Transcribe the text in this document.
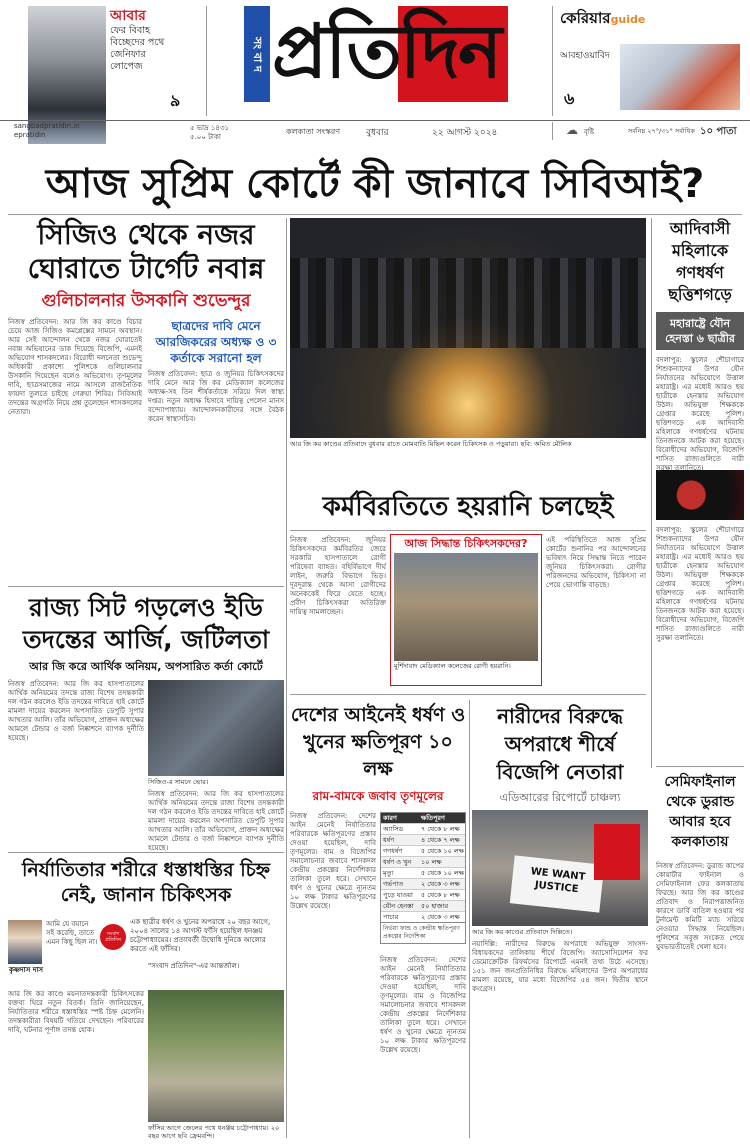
আবার
ফের বিবাহ
বিচ্ছেদের পথে
জেনিফার
লোপেজ
৯
সং বা দ প্রতিদিন	কেরিয়ারguide
আবহাওয়াবিদ
৬
sangbadpratidin.in
epratidin
৫ ভাদ্র ১৪৩১
৫.০০ টাকা
কলকাতা সংস্করণ	বুধবার	২২ আগস্ট ২০২৪	☁ বৃষ্টি	সর্বনিম্ন ২৭°/৩১° সর্বাধিক ১০ পাতা
আজ সুপ্রিম কোর্টে কী জানাবে সিবিআই?
সিজিও থেকে নজর ঘোরাতে টার্গেট নবান্ন
গুলিচালনার উসকানি শুভেন্দুর
নিজস্ব প্রতিবেদন: আর জি কর কাণ্ডে বিচার চেয়ে আজ সিজিও কমপ্লেক্সের সামনে অবস্থান। আর সেই আন্দোলন থেকে নজর ঘোরাতেই নবান্ন অভিযানের ডাক দিয়েছে বিজেপি, এমনই অভিযোগ শাসকদলের। বিরোধী দলনেতা শুভেন্দু অধিকারী প্রকাশ্যে পুলিশকে গুলিচালনার উসকানি দিয়েছেন বলেও অভিযোগ। তৃণমূলের দাবি, ছাত্রসমাজের নামে আসলে রাজনৈতিক ফায়দা তুলতে চাইছে গেরুয়া শিবির। সিবিআই তদন্তের অগ্রগতি নিয়ে প্রশ্ন তুলেছেন শাসকদলের নেতারা।
ছাত্রদের দাবি মেনে আরজিকরের অধ্যক্ষ ও ৩ কর্তাকে সরানো হল
নিজস্ব প্রতিবেদন: ছাত্র ও জুনিয়র চিকিৎসকদের দাবি মেনে আর জি কর মেডিক্যাল কলেজের অধ্যক্ষ-সহ তিন শীর্ষকর্তাকে সরিয়ে দিল স্বাস্থ্য দপ্তর। নতুন অধ্যক্ষ হিসাবে দায়িত্ব পেলেন মানস বন্দ্যোপাধ্যায়। আন্দোলনকারীদের সঙ্গে বৈঠক করেন স্বাস্থ্যসচিব।
আর জি কর কাণ্ডের প্রতিবাদে বুধবার রাতে মোমবাতি মিছিল করেন চিকিৎসক ও পড়ুয়ারা। ছবি: অমিত মৌলিক
আদিবাসী মহিলাকে গণধর্ষণ ছত্তিশগড়ে
মহারাষ্ট্রে যৌন হেনস্তা ৬ ছাত্রীর
বদলাপুর: স্কুলের শৌচাগারে শিশুকন্যাদের উপর যৌন নির্যাতনের অভিযোগে উত্তাল মহারাষ্ট্র। এর মধ্যেই আরও ছয় ছাত্রীকে হেনস্তার অভিযোগ উঠল। অভিযুক্ত শিক্ষককে গ্রেপ্তার করেছে পুলিশ। ছত্তিশগড়ে এক আদিবাসী মহিলাকে গণধর্ষণের ঘটনায় তিনজনকে আটক করা হয়েছে। বিরোধীদের অভিযোগ, বিজেপি শাসিত রাজ্যগুলিতে নারী সুরক্ষা তলানিতে।
বদলাপুর: স্কুলের শৌচাগারে শিশুকন্যাদের উপর যৌন নির্যাতনের অভিযোগে উত্তাল মহারাষ্ট্র। এর মধ্যেই আরও ছয় ছাত্রীকে হেনস্তার অভিযোগ উঠল। অভিযুক্ত শিক্ষককে গ্রেপ্তার করেছে পুলিশ। ছত্তিশগড়ে এক আদিবাসী মহিলাকে গণধর্ষণের ঘটনায় তিনজনকে আটক করা হয়েছে। বিরোধীদের অভিযোগ, বিজেপি শাসিত রাজ্যগুলিতে নারী সুরক্ষা তলানিতে।
কর্মবিরতিতে হয়রানি চলছেই
নিজস্ব প্রতিবেদন: জুনিয়র চিকিৎসকদের কর্মবিরতির জেরে সরকারি হাসপাতালে রোগী পরিষেবা ব্যাহত। বহির্বিভাগে দীর্ঘ লাইন, জরুরি বিভাগে ভিড়। দূরদূরান্ত থেকে আসা রোগীদের অনেককেই ফিরে যেতে হচ্ছে। প্রবীণ চিকিৎসকরা অতিরিক্ত দায়িত্ব সামলাচ্ছেন।
আজ সিদ্ধান্ত চিকিৎসকদের?
মুর্শিদাবাদ মেডিক্যাল কলেজের রোগী হয়রানি।
এই পরিস্থিতিতে আজ সুপ্রিম কোর্টের শুনানির পর আন্দোলনের ভবিষ্যৎ নিয়ে সিদ্ধান্ত নিতে পারেন জুনিয়র চিকিৎসকরা। রোগীর পরিজনদের অভিযোগ, চিকিৎসা না পেয়ে ভোগান্তি বাড়ছে।
রাজ্য সিট গড়লেও ইডি তদন্তের আর্জি, জটিলতা
আর জি করে আর্থিক অনিয়ম, অপসারিত কর্তা কোর্টে
নিজস্ব প্রতিবেদন: আর জি কর হাসপাতালের আর্থিক অনিয়মের তদন্তে রাজ্য বিশেষ তদন্তকারী দল গঠন করলেও ইডি তদন্তের দাবিতে হাই কোর্টে মামলা দায়ের করলেন অপসারিত ডেপুটি সুপার আখতার আলি। তাঁর অভিযোগ, প্রাক্তন অধ্যক্ষের আমলে টেন্ডার ও বর্জ্য নিষ্কাশনে ব্যাপক দুর্নীতি হয়েছে।
সিজিও-র সামনে ভোর।
নিজস্ব প্রতিবেদন: আর জি কর হাসপাতালের আর্থিক অনিয়মের তদন্তে রাজ্য বিশেষ তদন্তকারী দল গঠন করলেও ইডি তদন্তের দাবিতে হাই কোর্টে মামলা দায়ের করলেন অপসারিত ডেপুটি সুপার আখতার আলি। তাঁর অভিযোগ, প্রাক্তন অধ্যক্ষের আমলে টেন্ডার ও বর্জ্য নিষ্কাশনে ব্যাপক দুর্নীতি হয়েছে।
নির্যাতিতার শরীরে ধস্তাধস্তির চিহ্ন নেই, জানান চিকিৎসক
কৃষ্ণদাস দাস
আমি যে বয়ানে সই করেছি, তাতে এমন কিছু ছিল না।
সংবাদ প্রতিদিন
এক ছাত্রীর ধর্ষণ ও খুনের অপরাধে ২০ বছর আগে, ২০০৪ সালের ১৪ আগস্ট ফাঁসি হয়েছিল ধনঞ্জয় চট্টোপাধ্যায়ের। প্রত্যাবর্তী উদ্বোধি দুনিকে আলোর করতে এই ফাঁসির।
"সংবাদ প্রতিদিন"-এর আন্তর্জাল।
আর জি কর কাণ্ডে ময়নাতদন্তকারী চিকিৎসকের বক্তব্য ঘিরে নতুন বিতর্ক। তিনি জানিয়েছেন, নির্যাতিতার শরীরে ধস্তাধস্তির স্পষ্ট চিহ্ন মেলেনি। তদন্তকারীরা বিষয়টি খতিয়ে দেখছেন। পরিবারের দাবি, ঘটনার পূর্ণাঙ্গ তদন্ত হোক।
ফাঁসির আগে জেলের পথে ধনঞ্জয় চট্টোপাধ্যায়। ২০ বছর আগে ছবি ফ্রেমবন্দি।
দেশের আইনেই ধর্ষণ ও খুনের ক্ষতিপূরণ ১০ লক্ষ
রাম-বামকে জবাব তৃণমূলের
নিজস্ব প্রতিবেদন: দেশের আইন মেনেই নির্যাতিতার পরিবারকে ক্ষতিপূরণের প্রস্তাব দেওয়া হয়েছিল, দাবি তৃণমূলের। বাম ও বিজেপির সমালোচনার জবাবে শাসকদল কেন্দ্রীয় প্রকল্পের নির্দেশিকার তালিকা তুলে ধরে। সেখানে ধর্ষণ ও খুনের ক্ষেত্রে ন্যূনতম ১০ লক্ষ টাকার ক্ষতিপূরণের উল্লেখ রয়েছে।
কারণ	ক্ষতিপূরণ
অ্যাসিড	৭ থেকে ৮ লক্ষ
ধর্ষণ	৪ থেকে ৭ লক্ষ
গণধর্ষণ	৫ থেকে ১০ লক্ষ
ধর্ষণ ও খুন	১০ লক্ষ
মৃত্যু	৫ থেকে ১০ লক্ষ
গর্ভপাত	২ থেকে ৩ লক্ষ
পুড়ে যাওয়া	৫ থেকে ৮ লক্ষ
যৌন হেনস্তা	৫০ হাজার
পাচার	২ থেকে ৩ লক্ষ
নির্ভয়া ফান্ড ও কেন্দ্রীয় ক্ষতিপূরণ প্রকল্পের নির্দেশিকা
নিজস্ব প্রতিবেদন: দেশের আইন মেনেই নির্যাতিতার পরিবারকে ক্ষতিপূরণের প্রস্তাব দেওয়া হয়েছিল, দাবি তৃণমূলের। বাম ও বিজেপির সমালোচনার জবাবে শাসকদল কেন্দ্রীয় প্রকল্পের নির্দেশিকার তালিকা তুলে ধরে। সেখানে ধর্ষণ ও খুনের ক্ষেত্রে ন্যূনতম ১০ লক্ষ টাকার ক্ষতিপূরণের উল্লেখ রয়েছে।
নারীদের বিরুদ্ধে অপরাধে শীর্ষে বিজেপি নেতারা
এডিআরের রিপোর্টে চাঞ্চল্য
WE WANT JUSTICE
আর জি কর কাণ্ডের প্রতিবাদে দিল্লিতে।
নয়াদিল্লি: নারীদের বিরুদ্ধে অপরাধে অভিযুক্ত সাংসদ-বিধায়কদের তালিকায় শীর্ষে বিজেপি। অ্যাসোসিয়েশন ফর ডেমোক্রেটিক রিফর্মসের রিপোর্টে এমনই তথ্য উঠে এসেছে। ১৫১ জন জনপ্রতিনিধির বিরুদ্ধে মহিলাদের উপর অপরাধের মামলা রয়েছে, যার মধ্যে বিজেপির ৫৪ জন। দ্বিতীয় স্থানে কংগ্রেস।
সেমিফাইনাল থেকে ডুরান্ড আবার হবে কলকাতায়
নিজস্ব প্রতিবেদন: ডুরান্ড কাপের কোয়ার্টার ফাইনাল ও সেমিফাইনাল ফের কলকাতায় ফিরছে। আর জি কর কাণ্ডের প্রতিবাদ ও নিরাপত্তাজনিত কারণে ডার্বি বাতিল হওয়ার পর টুর্নামেন্ট কমিটি ম্যাচ সরিয়ে নেওয়ার সিদ্ধান্ত নিয়েছিল। পুলিশের সবুজ সংকেত পেয়ে যুবভারতীতেই খেলা হবে।
